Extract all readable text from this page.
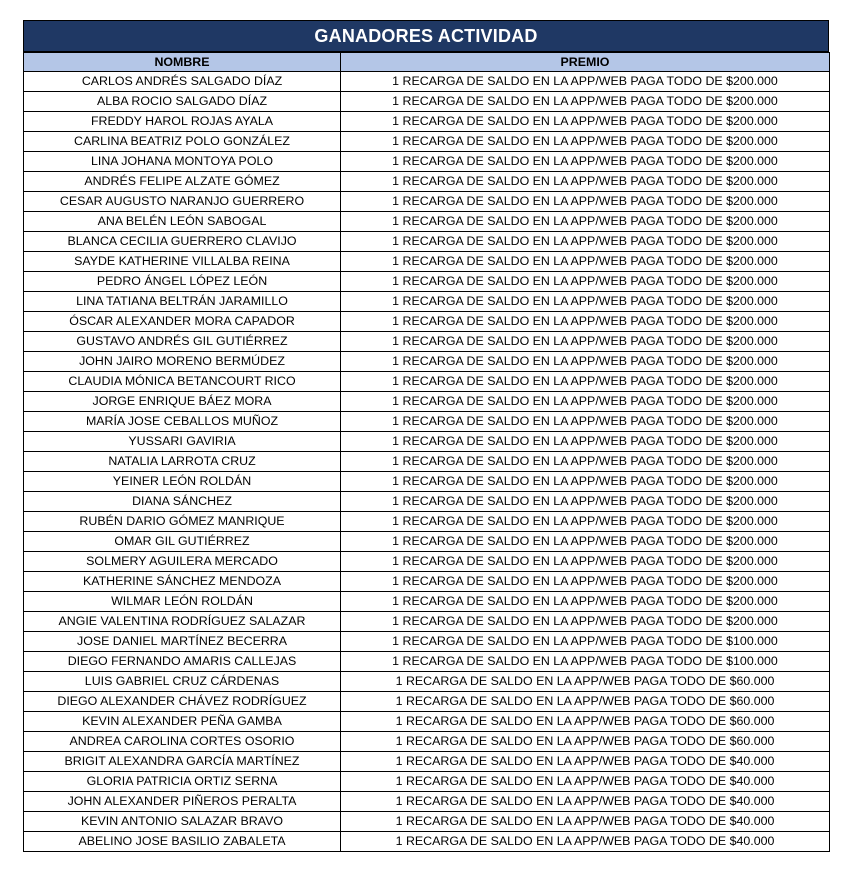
GANADORES ACTIVIDAD
NOMBRE	PREMIO
CARLOS ANDRÉS SALGADO DÍAZ	1 RECARGA DE SALDO EN LA APP/WEB PAGA TODO DE $200.000
ALBA ROCIO SALGADO DÍAZ	1 RECARGA DE SALDO EN LA APP/WEB PAGA TODO DE $200.000
FREDDY HAROL ROJAS AYALA	1 RECARGA DE SALDO EN LA APP/WEB PAGA TODO DE $200.000
CARLINA BEATRIZ POLO GONZÁLEZ	1 RECARGA DE SALDO EN LA APP/WEB PAGA TODO DE $200.000
LINA JOHANA MONTOYA POLO	1 RECARGA DE SALDO EN LA APP/WEB PAGA TODO DE $200.000
ANDRÉS FELIPE ALZATE GÓMEZ	1 RECARGA DE SALDO EN LA APP/WEB PAGA TODO DE $200.000
CESAR AUGUSTO NARANJO GUERRERO	1 RECARGA DE SALDO EN LA APP/WEB PAGA TODO DE $200.000
ANA BELÉN LEÓN SABOGAL	1 RECARGA DE SALDO EN LA APP/WEB PAGA TODO DE $200.000
BLANCA CECILIA GUERRERO CLAVIJO	1 RECARGA DE SALDO EN LA APP/WEB PAGA TODO DE $200.000
SAYDE KATHERINE VILLALBA REINA	1 RECARGA DE SALDO EN LA APP/WEB PAGA TODO DE $200.000
PEDRO ÁNGEL LÓPEZ LEÓN	1 RECARGA DE SALDO EN LA APP/WEB PAGA TODO DE $200.000
LINA TATIANA BELTRÁN JARAMILLO	1 RECARGA DE SALDO EN LA APP/WEB PAGA TODO DE $200.000
ÓSCAR ALEXANDER MORA CAPADOR	1 RECARGA DE SALDO EN LA APP/WEB PAGA TODO DE $200.000
GUSTAVO ANDRÉS GIL GUTIÉRREZ	1 RECARGA DE SALDO EN LA APP/WEB PAGA TODO DE $200.000
JOHN JAIRO MORENO BERMÚDEZ	1 RECARGA DE SALDO EN LA APP/WEB PAGA TODO DE $200.000
CLAUDIA MÓNICA BETANCOURT RICO	1 RECARGA DE SALDO EN LA APP/WEB PAGA TODO DE $200.000
JORGE ENRIQUE BÁEZ MORA	1 RECARGA DE SALDO EN LA APP/WEB PAGA TODO DE $200.000
MARÍA JOSE CEBALLOS MUÑOZ	1 RECARGA DE SALDO EN LA APP/WEB PAGA TODO DE $200.000
YUSSARI GAVIRIA	1 RECARGA DE SALDO EN LA APP/WEB PAGA TODO DE $200.000
NATALIA LARROTA CRUZ	1 RECARGA DE SALDO EN LA APP/WEB PAGA TODO DE $200.000
YEINER LEÓN ROLDÁN	1 RECARGA DE SALDO EN LA APP/WEB PAGA TODO DE $200.000
DIANA SÁNCHEZ	1 RECARGA DE SALDO EN LA APP/WEB PAGA TODO DE $200.000
RUBÉN DARIO GÓMEZ MANRIQUE	1 RECARGA DE SALDO EN LA APP/WEB PAGA TODO DE $200.000
OMAR GIL GUTIÉRREZ	1 RECARGA DE SALDO EN LA APP/WEB PAGA TODO DE $200.000
SOLMERY AGUILERA MERCADO	1 RECARGA DE SALDO EN LA APP/WEB PAGA TODO DE $200.000
KATHERINE SÁNCHEZ MENDOZA	1 RECARGA DE SALDO EN LA APP/WEB PAGA TODO DE $200.000
WILMAR LEÓN ROLDÁN	1 RECARGA DE SALDO EN LA APP/WEB PAGA TODO DE $200.000
ANGIE VALENTINA RODRÍGUEZ SALAZAR	1 RECARGA DE SALDO EN LA APP/WEB PAGA TODO DE $200.000
JOSE DANIEL MARTÍNEZ BECERRA	1 RECARGA DE SALDO EN LA APP/WEB PAGA TODO DE $100.000
DIEGO FERNANDO AMARIS CALLEJAS	1 RECARGA DE SALDO EN LA APP/WEB PAGA TODO DE $100.000
LUIS GABRIEL CRUZ CÁRDENAS	1 RECARGA DE SALDO EN LA APP/WEB PAGA TODO DE $60.000
DIEGO ALEXANDER CHÁVEZ RODRÍGUEZ	1 RECARGA DE SALDO EN LA APP/WEB PAGA TODO DE $60.000
KEVIN ALEXANDER PEÑA GAMBA	1 RECARGA DE SALDO EN LA APP/WEB PAGA TODO DE $60.000
ANDREA CAROLINA CORTES OSORIO	1 RECARGA DE SALDO EN LA APP/WEB PAGA TODO DE $60.000
BRIGIT ALEXANDRA GARCÍA MARTÍNEZ	1 RECARGA DE SALDO EN LA APP/WEB PAGA TODO DE $40.000
GLORIA PATRICIA ORTIZ SERNA	1 RECARGA DE SALDO EN LA APP/WEB PAGA TODO DE $40.000
JOHN ALEXANDER PIÑEROS PERALTA	1 RECARGA DE SALDO EN LA APP/WEB PAGA TODO DE $40.000
KEVIN ANTONIO SALAZAR BRAVO	1 RECARGA DE SALDO EN LA APP/WEB PAGA TODO DE $40.000
ABELINO JOSE BASILIO ZABALETA	1 RECARGA DE SALDO EN LA APP/WEB PAGA TODO DE $40.000
